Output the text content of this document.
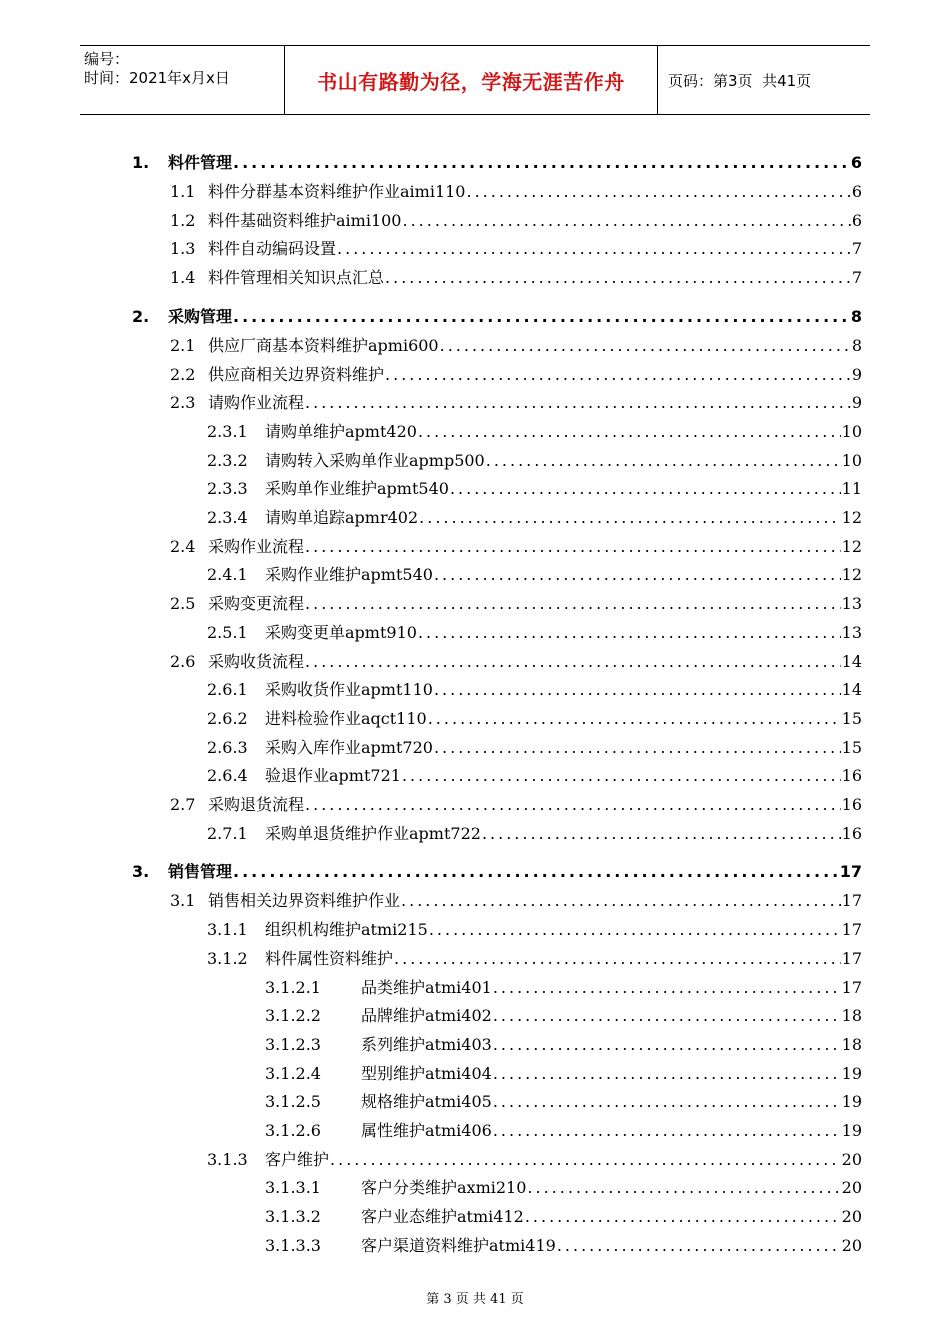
编号：
时间：2021年x月x日	书山有路勤为径，学海无涯苦作舟	页码：第3页  共41页
1.	料件管理 .....	6
1.1 料件分群基本资料维护作业aimi110 .....	6
1.2 料件基础资料维护aimi100 .....	6
1.3 料件自动编码设置 .....	7
1.4 料件管理相关知识点汇总 .....	7
2.	采购管理 .....	8
2.1 供应厂商基本资料维护apmi600 .....	8
2.2 供应商相关边界资料维护 .....	9
2.3 请购作业流程 .....	9
2.3.1	请购单维护apmt420 .....	10
2.3.2	请购转入采购单作业apmp500 .....	10
2.3.3	采购单作业维护apmt540 .....	11
2.3.4	请购单追踪apmr402 .....	12
2.4 采购作业流程 .....	12
2.4.1	采购作业维护apmt540 .....	12
2.5 采购变更流程 .....	13
2.5.1	采购变更单apmt910 .....	13
2.6 采购收货流程 .....	14
2.6.1	采购收货作业apmt110 .....	14
2.6.2	进料检验作业aqct110 .....	15
2.6.3	采购入库作业apmt720 .....	15
2.6.4	验退作业apmt721 .....	16
2.7 采购退货流程 .....	16
2.7.1	采购单退货维护作业apmt722 .....	16
3.	销售管理 .....	17
3.1 销售相关边界资料维护作业 .....	17
3.1.1	组织机构维护atmi215 .....	17
3.1.2	料件属性资料维护 .....	17
3.1.2.1	品类维护atmi401 .....	17
3.1.2.2	品牌维护atmi402 .....	18
3.1.2.3	系列维护atmi403 .....	18
3.1.2.4	型别维护atmi404 .....	19
3.1.2.5	规格维护atmi405 .....	19
3.1.2.6	属性维护atmi406 .....	19
3.1.3	客户维护 .....	20
3.1.3.1	客户分类维护axmi210 .....	20
3.1.3.2	客户业态维护atmi412 .....	20
3.1.3.3	客户渠道资料维护atmi419 .....	20
第 3 页 共 41 页
